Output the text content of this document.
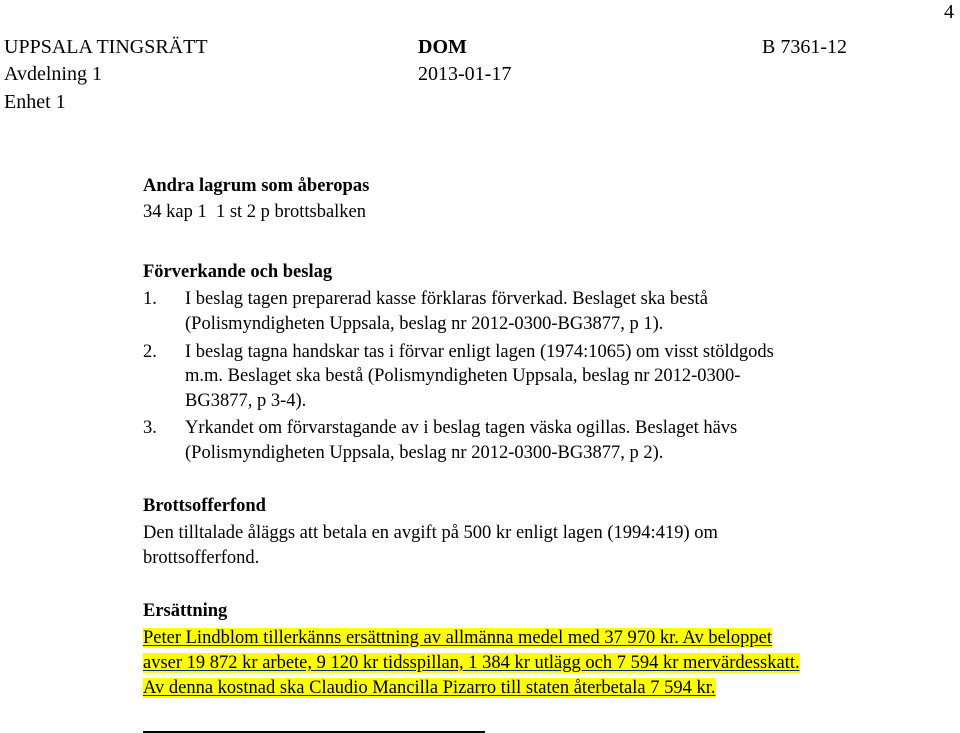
4
UPPSALA TINGSRÄTT
Avdelning 1
Enhet 1
DOM
2013-01-17
B 7361-12
Andra lagrum som åberopas
34 kap 1  1 st 2 p brottsbalken
Förverkande och beslag
1. I beslag tagen preparerad kasse förklaras förverkad. Beslaget ska bestå
(Polismyndigheten Uppsala, beslag nr 2012-0300-BG3877, p 1).
2. I beslag tagna handskar tas i förvar enligt lagen (1974:1065) om visst stöldgods
m.m. Beslaget ska bestå (Polismyndigheten Uppsala, beslag nr 2012-0300-
BG3877, p 3-4).
3. Yrkandet om förvarstagande av i beslag tagen väska ogillas. Beslaget hävs
(Polismyndigheten Uppsala, beslag nr 2012-0300-BG3877, p 2).
Brottsofferfond
Den tilltalade åläggs att betala en avgift på 500 kr enligt lagen (1994:419) om
brottsofferfond.
Ersättning
Peter Lindblom tillerkänns ersättning av allmänna medel med 37 970 kr. Av beloppet
avser 19 872 kr arbete, 9 120 kr tidsspillan, 1 384 kr utlägg och 7 594 kr mervärdesskatt.
Av denna kostnad ska Claudio Mancilla Pizarro till staten återbetala 7 594 kr.
